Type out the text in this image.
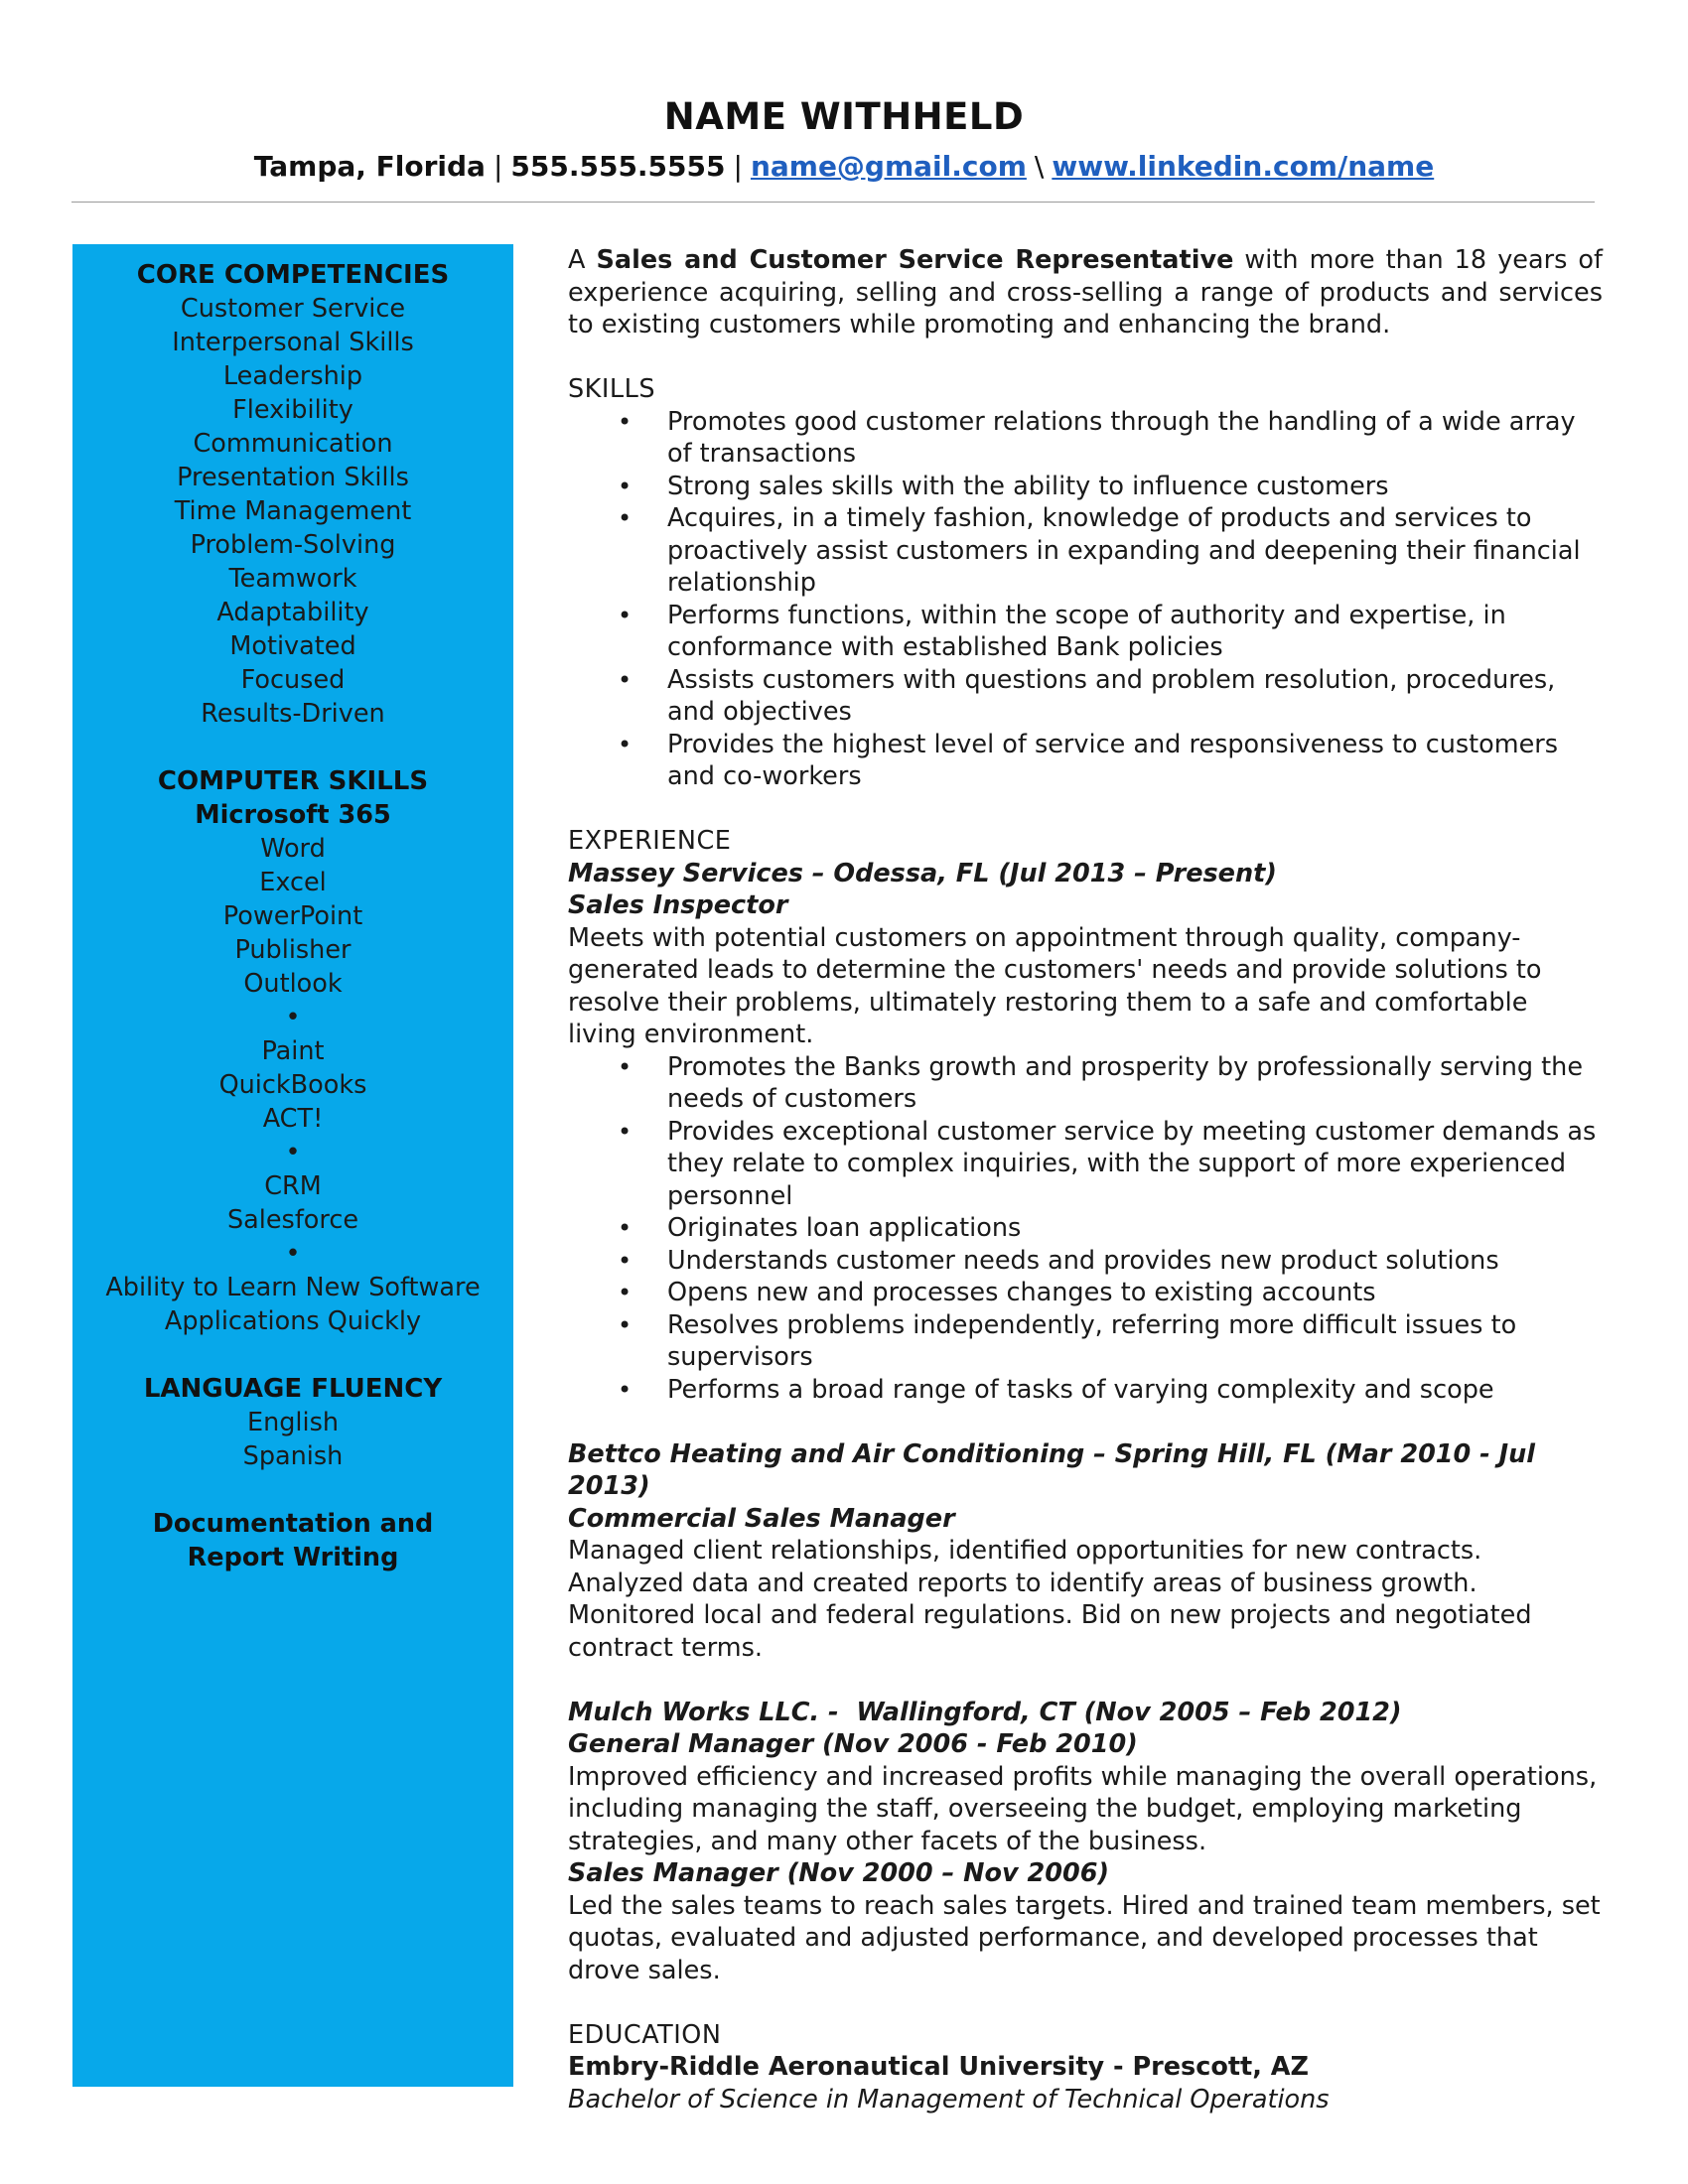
NAME WITHHELD
Tampa, Florida | 555.555.5555 | name@gmail.com \ www.linkedin.com/name
CORE COMPETENCIES
Customer Service
Interpersonal Skills
Leadership
Flexibility
Communication
Presentation Skills
Time Management
Problem-Solving
Teamwork
Adaptability
Motivated
Focused
Results-Driven
COMPUTER SKILLS
Microsoft 365
Word
Excel
PowerPoint
Publisher
Outlook
•
Paint
QuickBooks
ACT!
•
CRM
Salesforce
•
Ability to Learn New Software
Applications Quickly
LANGUAGE FLUENCY
English
Spanish
Documentation and
Report Writing

A Sales and Customer Service Representative with more than 18 years of experience acquiring, selling and cross-selling a range of products and services to existing customers while promoting and enhancing the brand.

SKILLS

• Promotes good customer relations through the handling of a wide array of transactions
• Strong sales skills with the ability to influence customers
• Acquires, in a timely fashion, knowledge of products and services to proactively assist customers in expanding and deepening their financial relationship
• Performs functions, within the scope of authority and expertise, in conformance with established Bank policies
• Assists customers with questions and problem resolution, procedures, and objectives
• Provides the highest level of service and responsiveness to customers and co-workers

EXPERIENCE

Massey Services – Odessa, FL (Jul 2013 – Present)

Sales Inspector

Meets with potential customers on appointment through quality, company-generated leads to determine the customers' needs and provide solutions to resolve their problems, ultimately restoring them to a safe and comfortable living environment.

• Promotes the Banks growth and prosperity by professionally serving the needs of customers
• Provides exceptional customer service by meeting customer demands as they relate to complex inquiries, with the support of more experienced personnel
• Originates loan applications
• Understands customer needs and provides new product solutions
• Opens new and processes changes to existing accounts
• Resolves problems independently, referring more difficult issues to supervisors
• Performs a broad range of tasks of varying complexity and scope

Bettco Heating and Air Conditioning – Spring Hill, FL (Mar 2010 - Jul 2013)

Commercial Sales Manager

Managed client relationships, identified opportunities for new contracts. Analyzed data and created reports to identify areas of business growth. Monitored local and federal regulations. Bid on new projects and negotiated contract terms.

Mulch Works LLC. -  Wallingford, CT (Nov 2005 – Feb 2012)

General Manager (Nov 2006 - Feb 2010)

Improved efficiency and increased profits while managing the overall operations, including managing the staff, overseeing the budget, employing marketing strategies, and many other facets of the business.

Sales Manager (Nov 2000 – Nov 2006)

Led the sales teams to reach sales targets. Hired and trained team members, set quotas, evaluated and adjusted performance, and developed processes that drove sales.

EDUCATION

Embry-Riddle Aeronautical University - Prescott, AZ

Bachelor of Science in Management of Technical Operations
